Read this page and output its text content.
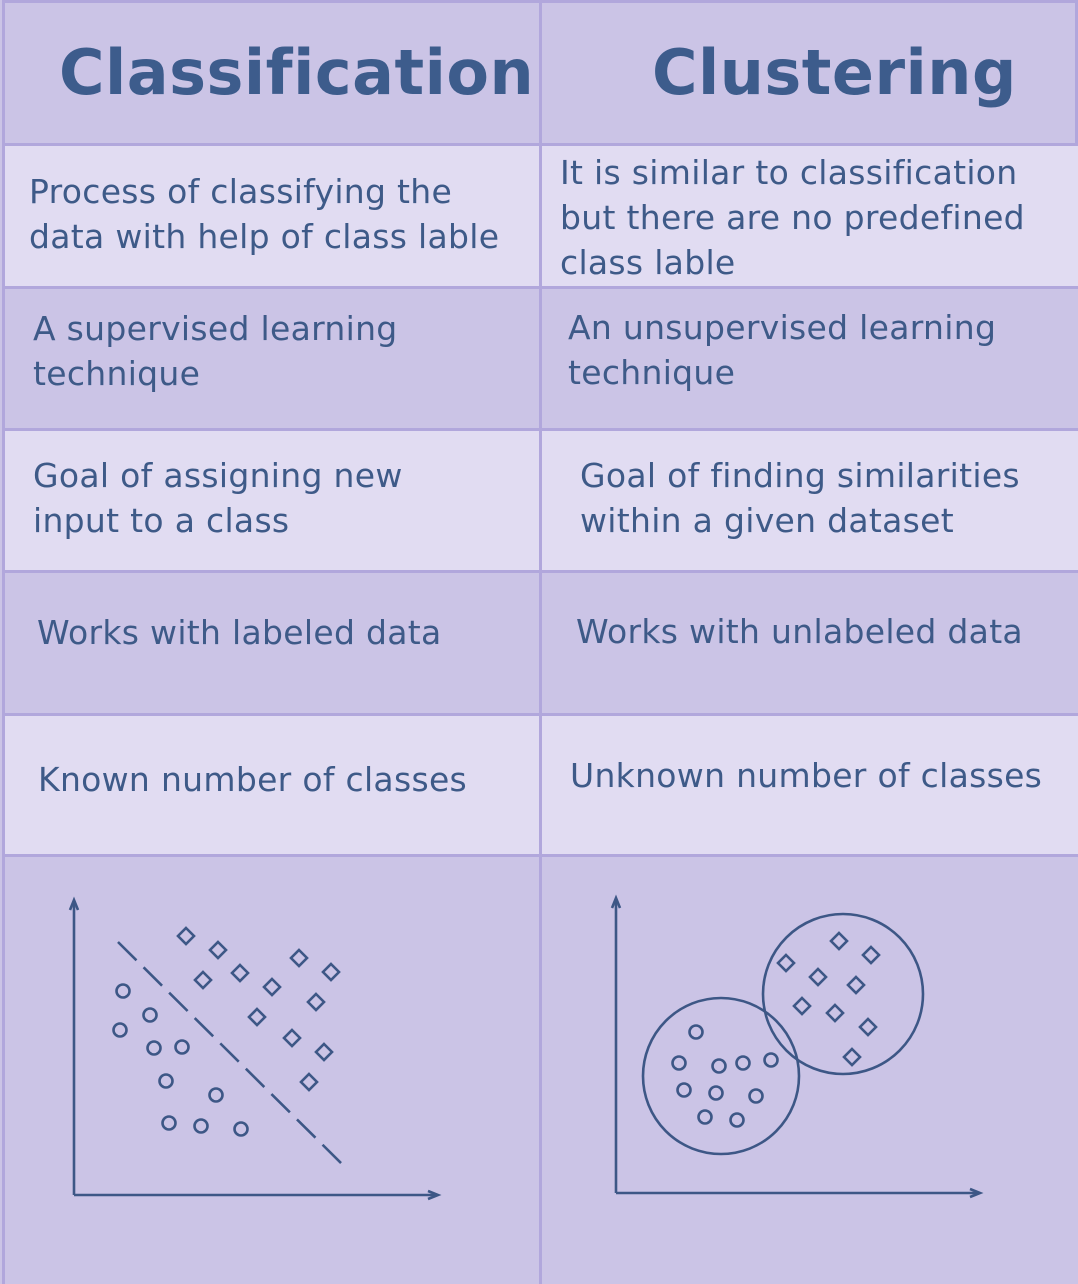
Classification Clustering
Process of classifying the
data with help of class lable
It is similar to classification
but there are no predefined
class lable
A supervised learning
technique
An unsupervised learning
technique
Goal of assigning new
input to a class
Goal of finding similarities
within a given dataset
Works with labeled data	Works with unlabeled data
Known number of classes	Unknown number of classes
